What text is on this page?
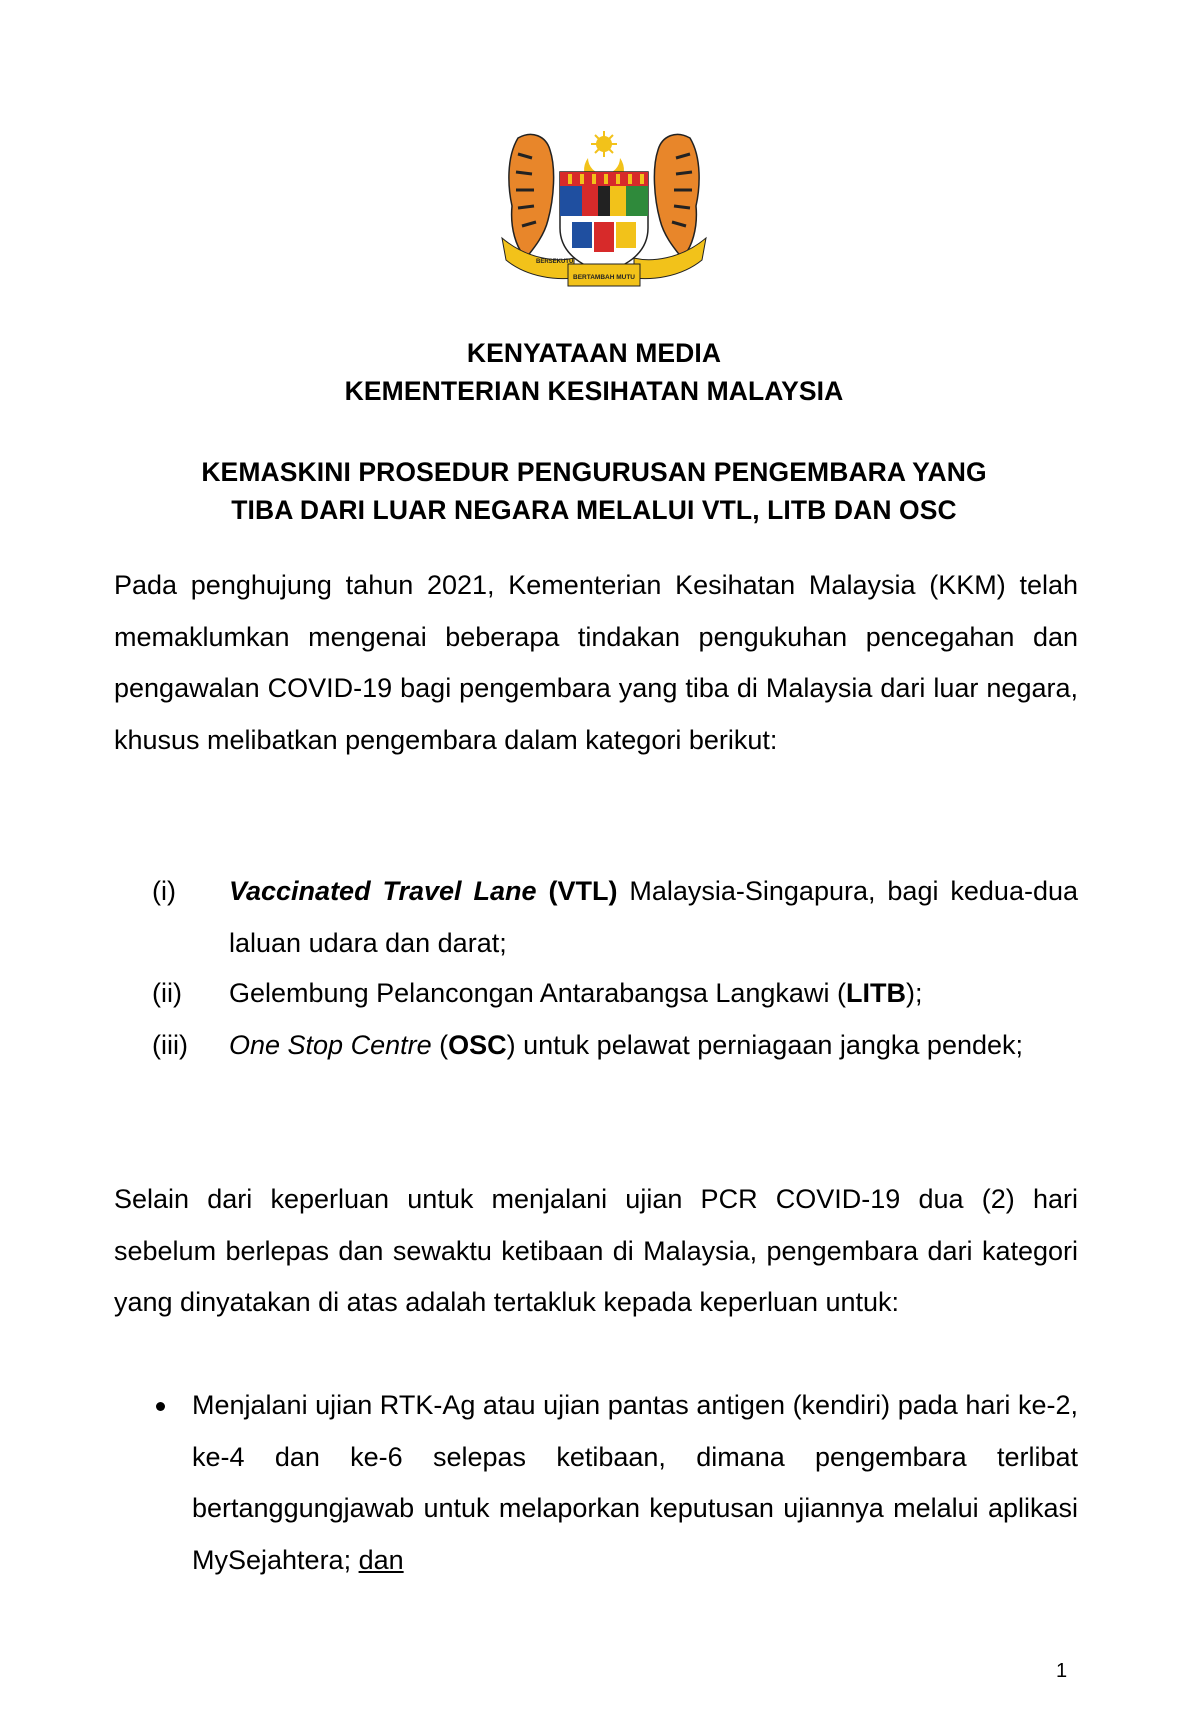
BERSEKUTU
BERTAMBAH MUTU
KENYATAAN MEDIA
KEMENTERIAN KESIHATAN MALAYSIA
KEMASKINI PROSEDUR PENGURUSAN PENGEMBARA YANG
TIBA DARI LUAR NEGARA MELALUI VTL, LITB DAN OSC

Pada penghujung tahun 2021, Kementerian Kesihatan Malaysia (KKM) telah memaklumkan mengenai beberapa tindakan pengukuhan pencegahan dan pengawalan COVID-19 bagi pengembara yang tiba di Malaysia dari luar negara, khusus melibatkan pengembara dalam kategori berikut:

(i) Vaccinated Travel Lane (VTL) Malaysia-Singapura, bagi kedua-dua laluan udara dan darat;
(ii) Gelembung Pelancongan Antarabangsa Langkawi (LITB);
(iii) One Stop Centre (OSC) untuk pelawat perniagaan jangka pendek;

Selain dari keperluan untuk menjalani ujian PCR COVID-19 dua (2) hari sebelum berlepas dan sewaktu ketibaan di Malaysia, pengembara dari kategori yang dinyatakan di atas adalah tertakluk kepada keperluan untuk:

Menjalani ujian RTK-Ag atau ujian pantas antigen (kendiri) pada hari ke-2, ke-4 dan ke-6 selepas ketibaan, dimana pengembara terlibat bertanggungjawab untuk melaporkan keputusan ujiannya melalui aplikasi MySejahtera; dan
1
